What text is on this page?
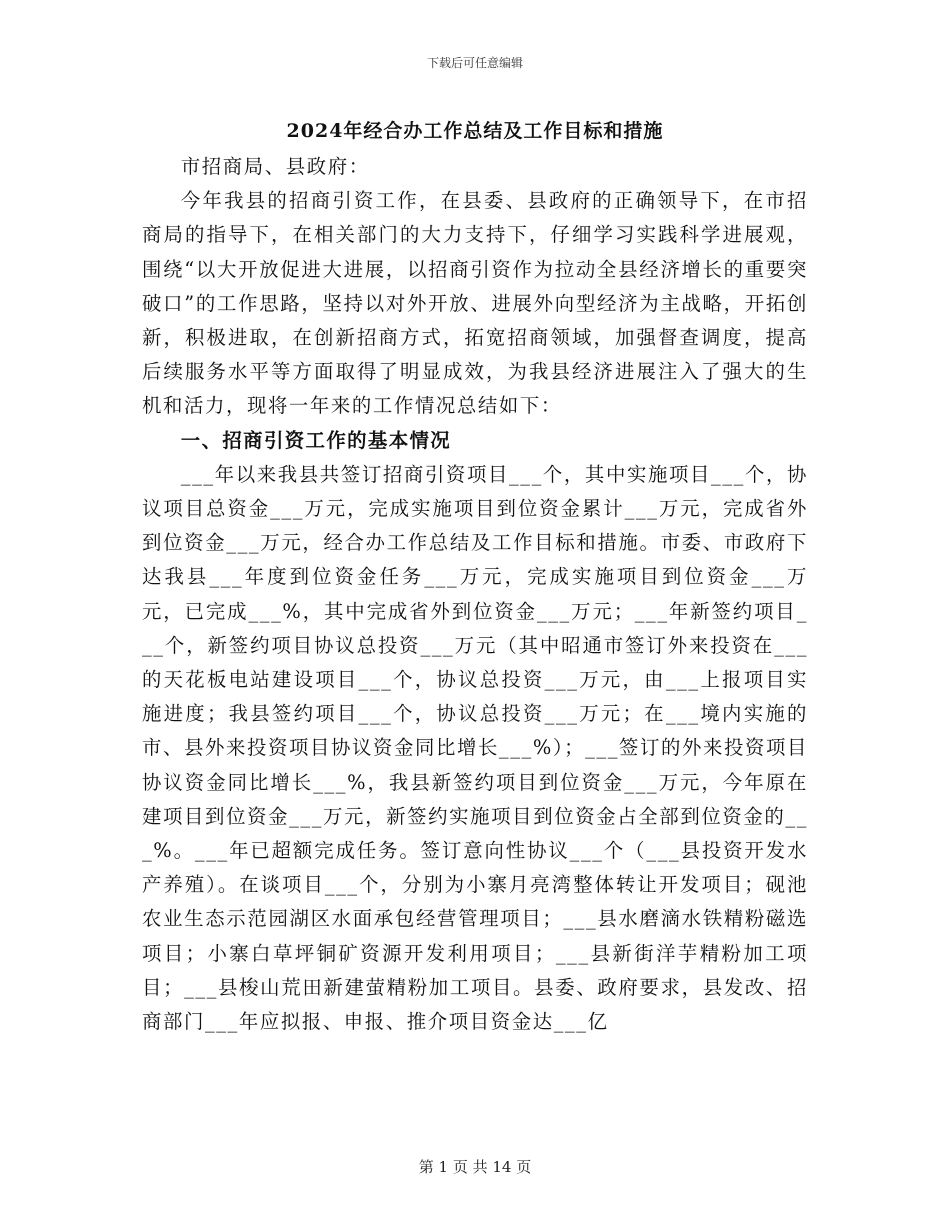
下载后可任意编辑
2024年经合办工作总结及工作目标和措施

市招商局、县政府：

今年我县的招商引资工作，在县委、县政府的正确领导下，在市招商局的指导下，在相关部门的大力支持下，仔细学习实践科学进展观，围绕“以大开放促进大进展，以招商引资作为拉动全县经济增长的重要突破口”的工作思路，坚持以对外开放、进展外向型经济为主战略，开拓创新，积极进取，在创新招商方式，拓宽招商领域，加强督查调度，提高后续服务水平等方面取得了明显成效，为我县经济进展注入了强大的生机和活力，现将一年来的工作情况总结如下：

一、招商引资工作的基本情况

___年以来我县共签订招商引资项目___个，其中实施项目___个，协议项目总资金___万元，完成实施项目到位资金累计___万元，完成省外到位资金___万元，经合办工作总结及工作目标和措施。市委、市政府下达我县___年度到位资金任务___万元，完成实施项目到位资金___万元，已完成___%，其中完成省外到位资金___万元；___年新签约项目___个，新签约项目协议总投资___万元（其中昭通市签订外来投资在___的天花板电站建设项目___个，协议总投资___万元，由___上报项目实施进度；我县签约项目___个，协议总投资___万元；在___境内实施的市、县外来投资项目协议资金同比增长___%）；___签订的外来投资项目协议资金同比增长___%，我县新签约项目到位资金___万元，今年原在建项目到位资金___万元，新签约实施项目到位资金占全部到位资金的___%。___年已超额完成任务。签订意向性协议___个（___县投资开发水产养殖）。在谈项目___个，分别为小寨月亮湾整体转让开发项目；砚池农业生态示范园湖区水面承包经营管理项目；___县水磨滴水铁精粉磁选项目；小寨白草坪铜矿资源开发利用项目；___县新街洋芋精粉加工项目；___县梭山荒田新建萤精粉加工项目。县委、政府要求，县发改、招商部门___年应拟报、申报、推介项目资金达___亿

第 1 页 共 14 页
